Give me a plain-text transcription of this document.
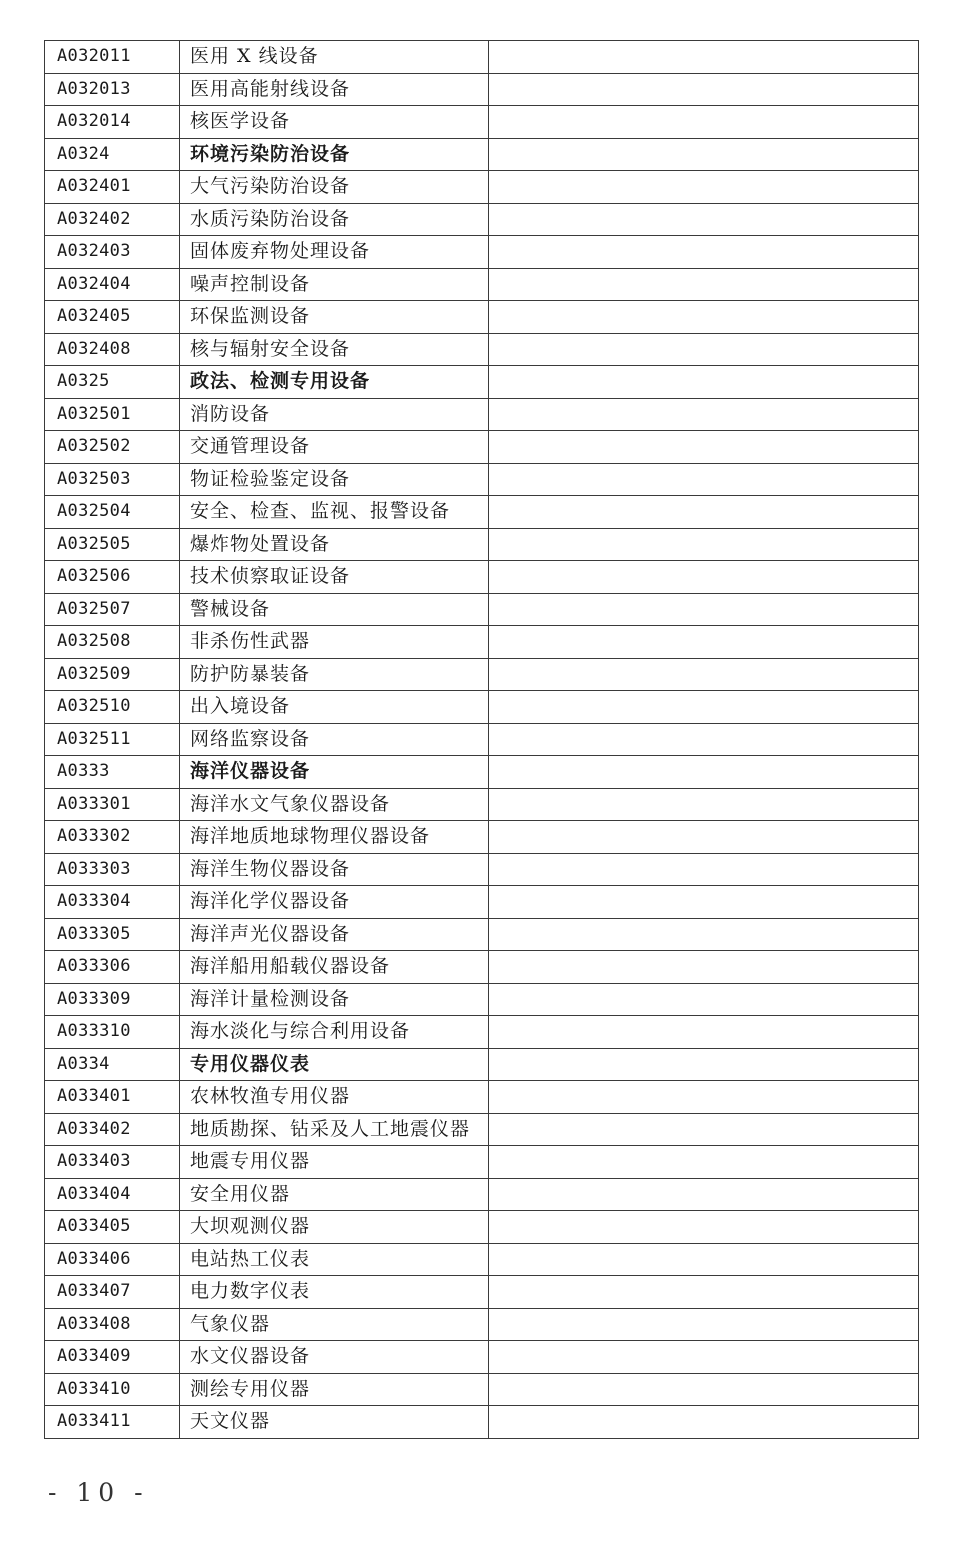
A032011	医用 X 线设备	
A032013	医用高能射线设备	
A032014	核医学设备	
A0324	环境污染防治设备	
A032401	大气污染防治设备	
A032402	水质污染防治设备	
A032403	固体废弃物处理设备	
A032404	噪声控制设备	
A032405	环保监测设备	
A032408	核与辐射安全设备	
A0325	政法、检测专用设备	
A032501	消防设备	
A032502	交通管理设备	
A032503	物证检验鉴定设备	
A032504	安全、检查、监视、报警设备	
A032505	爆炸物处置设备	
A032506	技术侦察取证设备	
A032507	警械设备	
A032508	非杀伤性武器	
A032509	防护防暴装备	
A032510	出入境设备	
A032511	网络监察设备	
A0333	海洋仪器设备	
A033301	海洋水文气象仪器设备	
A033302	海洋地质地球物理仪器设备	
A033303	海洋生物仪器设备	
A033304	海洋化学仪器设备	
A033305	海洋声光仪器设备	
A033306	海洋船用船载仪器设备	
A033309	海洋计量检测设备	
A033310	海水淡化与综合利用设备	
A0334	专用仪器仪表	
A033401	农林牧渔专用仪器	
A033402	地质勘探、钻采及人工地震仪器	
A033403	地震专用仪器	
A033404	安全用仪器	
A033405	大坝观测仪器	
A033406	电站热工仪表	
A033407	电力数字仪表	
A033408	气象仪器	
A033409	水文仪器设备	
A033410	测绘专用仪器	
A033411	天文仪器	
- 10 -
